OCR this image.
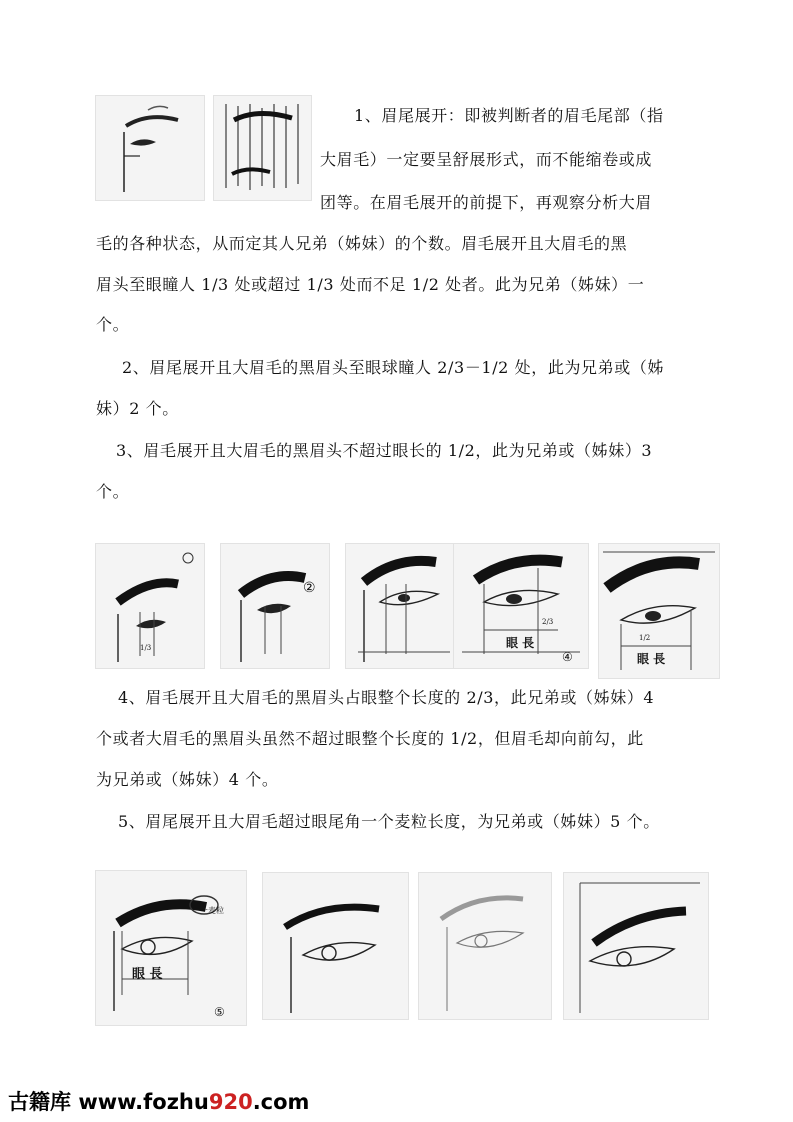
1、眉尾展开：即被判断者的眉毛尾部（指
大眉毛）一定要呈舒展形式，而不能缩卷或成
团等。在眉毛展开的前提下，再观察分析大眉
毛的各种状态，从而定其人兄弟（姊妹）的个数。眉毛展开且大眉毛的黑
眉头至眼瞳人 1/3 处或超过 1/3 处而不足 1/2 处者。此为兄弟（姊妹）一
个。
2、眉尾展开且大眉毛的黑眉头至眼球瞳人 2/3－1/2 处，此为兄弟或（姊
妹）2 个。
3、眉毛展开且大眉毛的黑眉头不超过眼长的 1/2，此为兄弟或（姊妹）3
个。
1/3
②
2/3
眼 長
④
1/2
眼 長
4、眉毛展开且大眉毛的黑眉头占眼整个长度的 2/3，此兄弟或（姊妹）4
个或者大眉毛的黑眉头虽然不超过眼整个长度的 1/2，但眉毛却向前勾，此
为兄弟或（姊妹）4 个。
5、眉尾展开且大眉毛超过眼尾角一个麦粒长度，为兄弟或（姊妹）5 个。
一麦粒
眼 長
⑤
古籍库 www.fozhu920.com
